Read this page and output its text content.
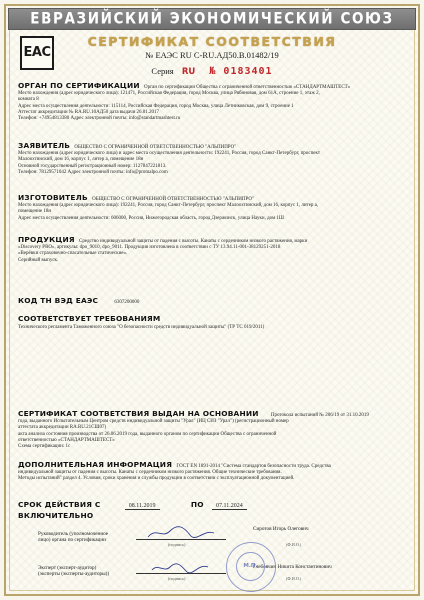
ЕВРАЗИЙСКИЙ ЭКОНОМИЧЕСКИЙ СОЮЗ
EAC
СЕРТИФИКАТ СООТВЕТСТВИЯ
№ ЕАЭС RU С-RU.АД50.В.01482/19
Серия RU № 0183401

ОРГАН ПО СЕРТИФИКАЦИИ Орган по сертификации Общества с ограниченной ответственностью «СТАНДАРТМАШТЕСТ»

Место нахождения (адрес юридического лица): 121471, Российская Федерация, город Москва, улица Рябиновая, дом 61А, строение 1, этаж 2,

комната 8

Адрес места осуществления деятельности: 115114, Российская Федерация, город Москва, улица Летниковская, дом 9, строение 1

Аттестат аккредитации № RA.RU.10АД50 дата выдачи 26.01.2017

Телефон: +74954813380 Адрес электронной почты: info@standartmashtest.ru

ЗАЯВИТЕЛЬ ОБЩЕСТВО С ОГРАНИЧЕННОЙ ОТВЕТСТВЕННОСТЬЮ "АЛЬПИПРО"

Место нахождения (адрес юридического лица) и адрес места осуществления деятельности: 192241, Россия, город Санкт-Петербург, проспект

Малоохтинский, дом 16, корпус 1, литер а, помещение 18н

Основной государственный регистрационный номер: 1127847221813.

Телефон: 78129571042 Адрес электронной почты: info@promalpo.com

ИЗГОТОВИТЕЛЬ ОБЩЕСТВО С ОГРАНИЧЕННОЙ ОТВЕТСТВЕННОСТЬЮ "АЛЬПИПРО"

Место нахождения (адрес юридического лица): 192241, Россия, город Санкт-Петербург, проспект Малоохтинский, дом 16, корпус 1, литер а,

помещение 18н

Адрес места осуществления деятельности: 606000, Россия, Нижегородская область, город Дзержинск, улица Науки, дом 1Ш

ПРОДУКЦИЯ Средство индивидуальной защиты от падения с высоты. Канаты с сердечником низкого растяжения, марки

«Discovery PRO», артикулы: dpo_9010, dpo_9011. Продукция изготовлена в соответствии с ТУ 13.94.11-001-38129251-2018

«Верёвки страховочно-спасательные статические».

Серийный выпуск.

КОД ТН ВЭД ЕАЭС	6307200000

СООТВЕТСТВУЕТ ТРЕБОВАНИЯМ

Технического регламента Таможенного союза "О безопасности средств индивидуальной защиты" (ТР ТС 019/2011)

СЕРТИФИКАТ СООТВЕТСТВИЯ ВЫДАН НА ОСНОВАНИИ Протокола испытаний № 206/19 от 31.10.2019

года, выданного Испытательным Центром средств индивидуальной защиты "Урал" (ИЦ СИЗ "Урал") (регистрационный номер

аттестата аккредитации RA.RU.21СШ07)

акта анализа состояния производства от 26.06.2019 года, выданного органом по сертификации Общества с ограниченной

ответственностью «СТАНДАРТМАШТЕСТ»

Схема сертификации: 1с

ДОПОЛНИТЕЛЬНАЯ ИНФОРМАЦИЯ ГОСТ EN 1891-2014 "Система стандартов безопасности труда. Средства

индивидуальной защиты от падения с высоты. Канаты с сердечником низкого растяжения. Общие технические требования.

Методы испытаний" раздел 4. Условия, сроки хранения и службы продукции в соответствии с эксплуатационной документацией.

СРОК ДЕЙСТВИЯ С	08.11.2019	ПО 07.11.2024

ВКЛЮЧИТЕЛЬНО

Руководитель (уполномоченное
лицо) органа по сертификации
(подпись)
Сиротов Игорь Олегович
(Ф.И.О.)
Эксперт (эксперт-аудитор)
(эксперты (эксперты-аудиторы))
(подпись)
Глебовчин Никита Константинович
(Ф.И.О.)
М.П.
